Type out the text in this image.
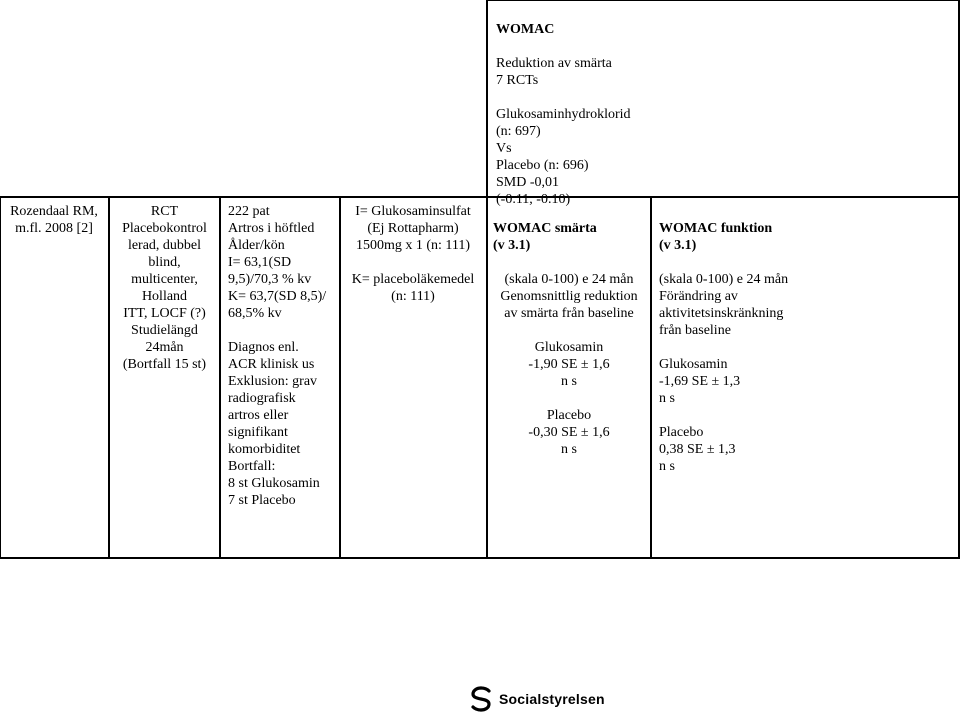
WOMAC

Reduktion av smärta
7 RCTs

Glukosaminhydroklorid
(n: 697)
Vs
Placebo (n: 696)
SMD -0,01
(-0.11, -0.10)

Rozendaal RM,
m.fl. 2008 [2]
RCT
Placebokontrol
lerad, dubbel
blind,
multicenter,
Holland
ITT, LOCF (?)
Studielängd
24mån
(Bortfall 15 st)
222 pat
Artros i höftled
Ålder/kön
I= 63,1(SD
9,5)/70,3 % kv
K= 63,7(SD 8,5)/
68,5% kv

Diagnos enl.
ACR klinisk us
Exklusion: grav
radiografisk
artros eller
signifikant
komorbiditet
Bortfall:
8 st Glukosamin
7 st Placebo
I= Glukosaminsulfat
(Ej Rottapharm)
1500mg x 1 (n: 111)

K= placeboläkemedel
(n: 111)

WOMAC smärta
(v 3.1)

(skala 0-100) e 24 mån
Genomsnittlig reduktion
av smärta från baseline

Glukosamin
-1,90 SE ± 1,6
n s

Placebo
-0,30 SE ± 1,6
n s

WOMAC funktion
(v 3.1)

(skala 0-100) e 24 mån
Förändring av
aktivitetsinskränkning
från baseline

Glukosamin
-1,69 SE ± 1,3
n s

Placebo
0,38 SE ± 1,3
n s

Socialstyrelsen
